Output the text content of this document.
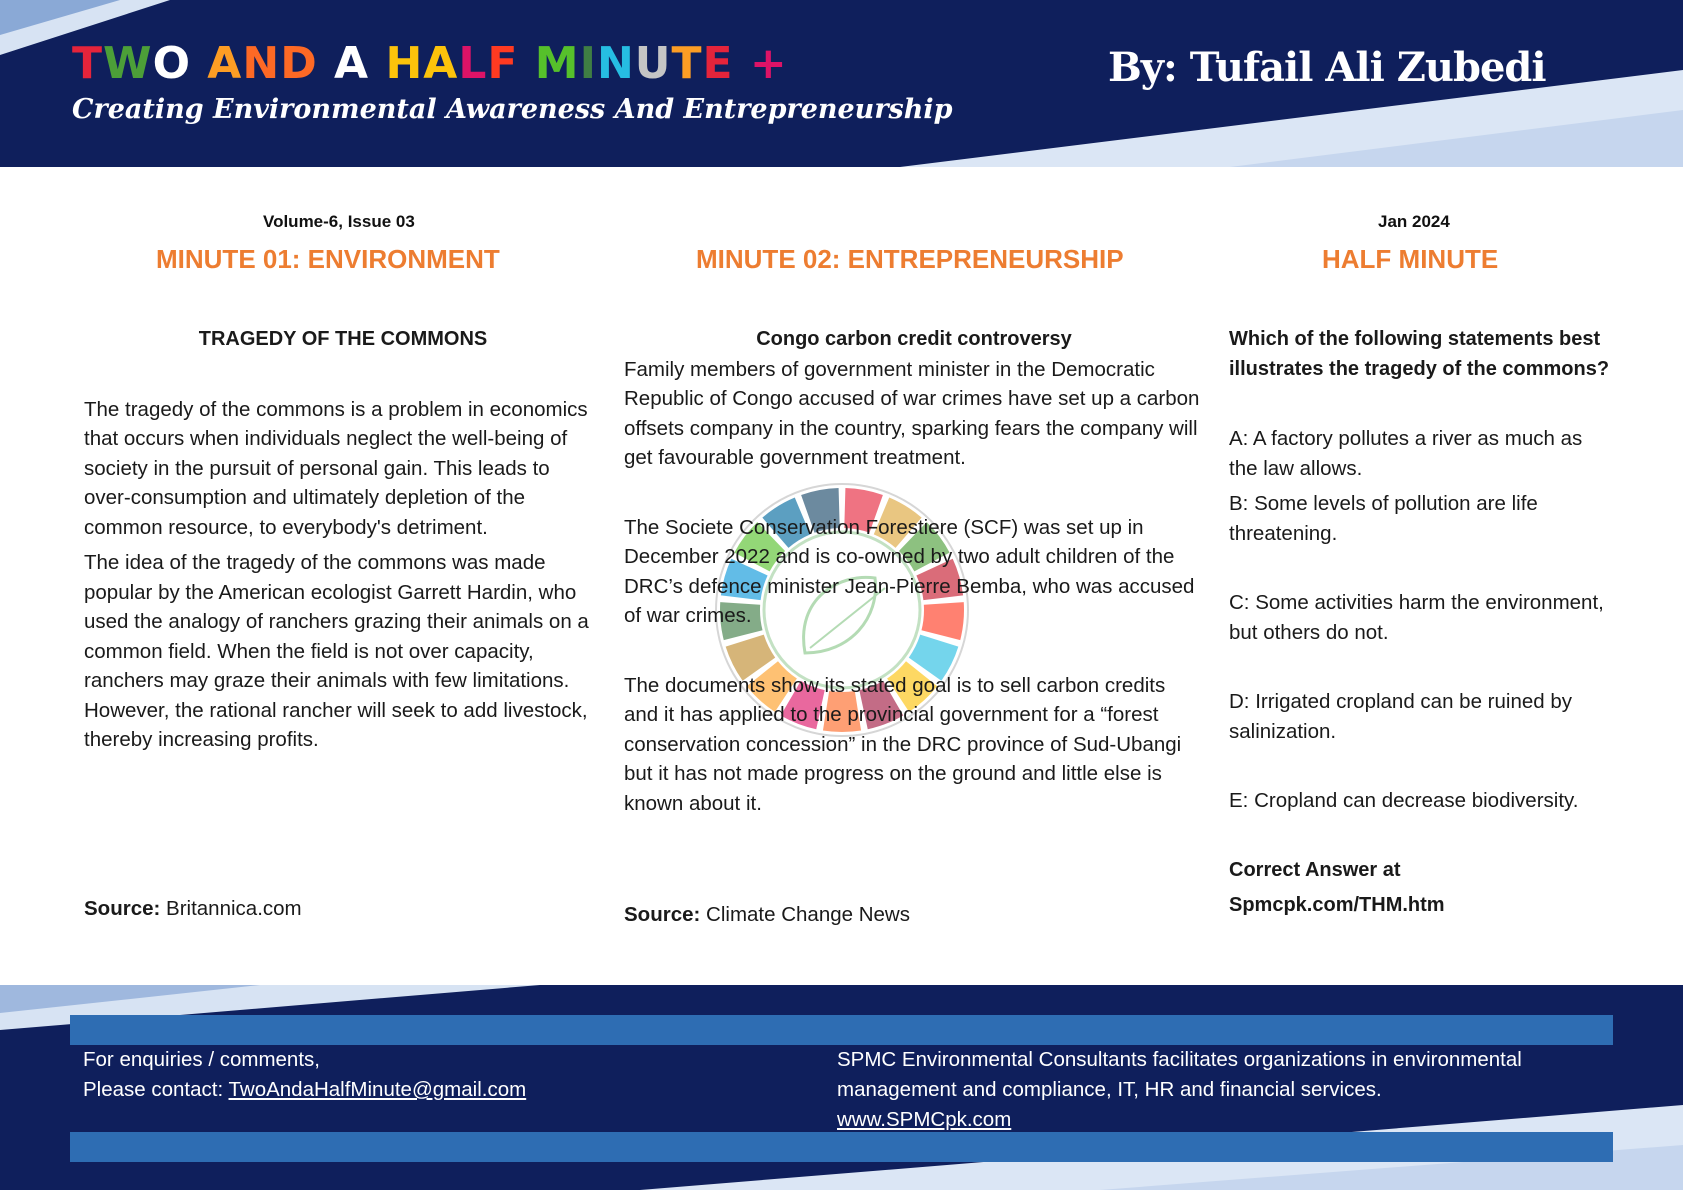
TWO AND A HALF MINUTE +
Creating Environmental Awareness And Entrepreneurship
By: Tufail Ali Zubedi
Volume-6, Issue 03	Jan 2024
MINUTE 01: ENVIRONMENT	MINUTE 02: ENTREPRENEURSHIP	HALF MINUTE

TRAGEDY OF THE COMMONS

The tragedy of the commons is a problem in economics that occurs when individuals neglect the well-being of society in the pursuit of personal gain. This leads to over-consumption and ultimately depletion of the common resource, to everybody's detriment.

The idea of the tragedy of the commons was made popular by the American ecologist Garrett Hardin, who used the analogy of ranchers grazing their animals on a common field. When the field is not over capacity, ranchers may graze their animals with few limitations. However, the rational rancher will seek to add livestock, thereby increasing profits.

Source: Britannica.com

Congo carbon credit controversy

Family members of government minister in the Democratic Republic of Congo accused of war crimes have set up a carbon offsets company in the country, sparking fears the company will get favourable government treatment.

The Societe Conservation Forestiere (SCF) was set up in December 2022 and is co-owned by two adult children of the DRC’s defence minister Jean-Pierre Bemba, who was accused of war crimes.

The documents show its stated goal is to sell carbon credits and it has applied to the provincial government for a “forest conservation concession” in the DRC province of Sud-Ubangi but it has not made progress on the ground and little else is known about it.

Source: Climate Change News

Which of the following statements best illustrates the tragedy of the commons?

A: A factory pollutes a river as much as the law allows.

B: Some levels of pollution are life threatening.

C: Some activities harm the environment, but others do not.

D: Irrigated cropland can be ruined by salinization.

E: Cropland can decrease biodiversity.

Correct Answer at

Spmcpk.com/THM.htm

For enquiries / comments,
Please contact: TwoAndaHalfMinute@gmail.com
SPMC Environmental Consultants facilitates organizations in environmental management and compliance, IT, HR and financial services.
www.SPMCpk.com
